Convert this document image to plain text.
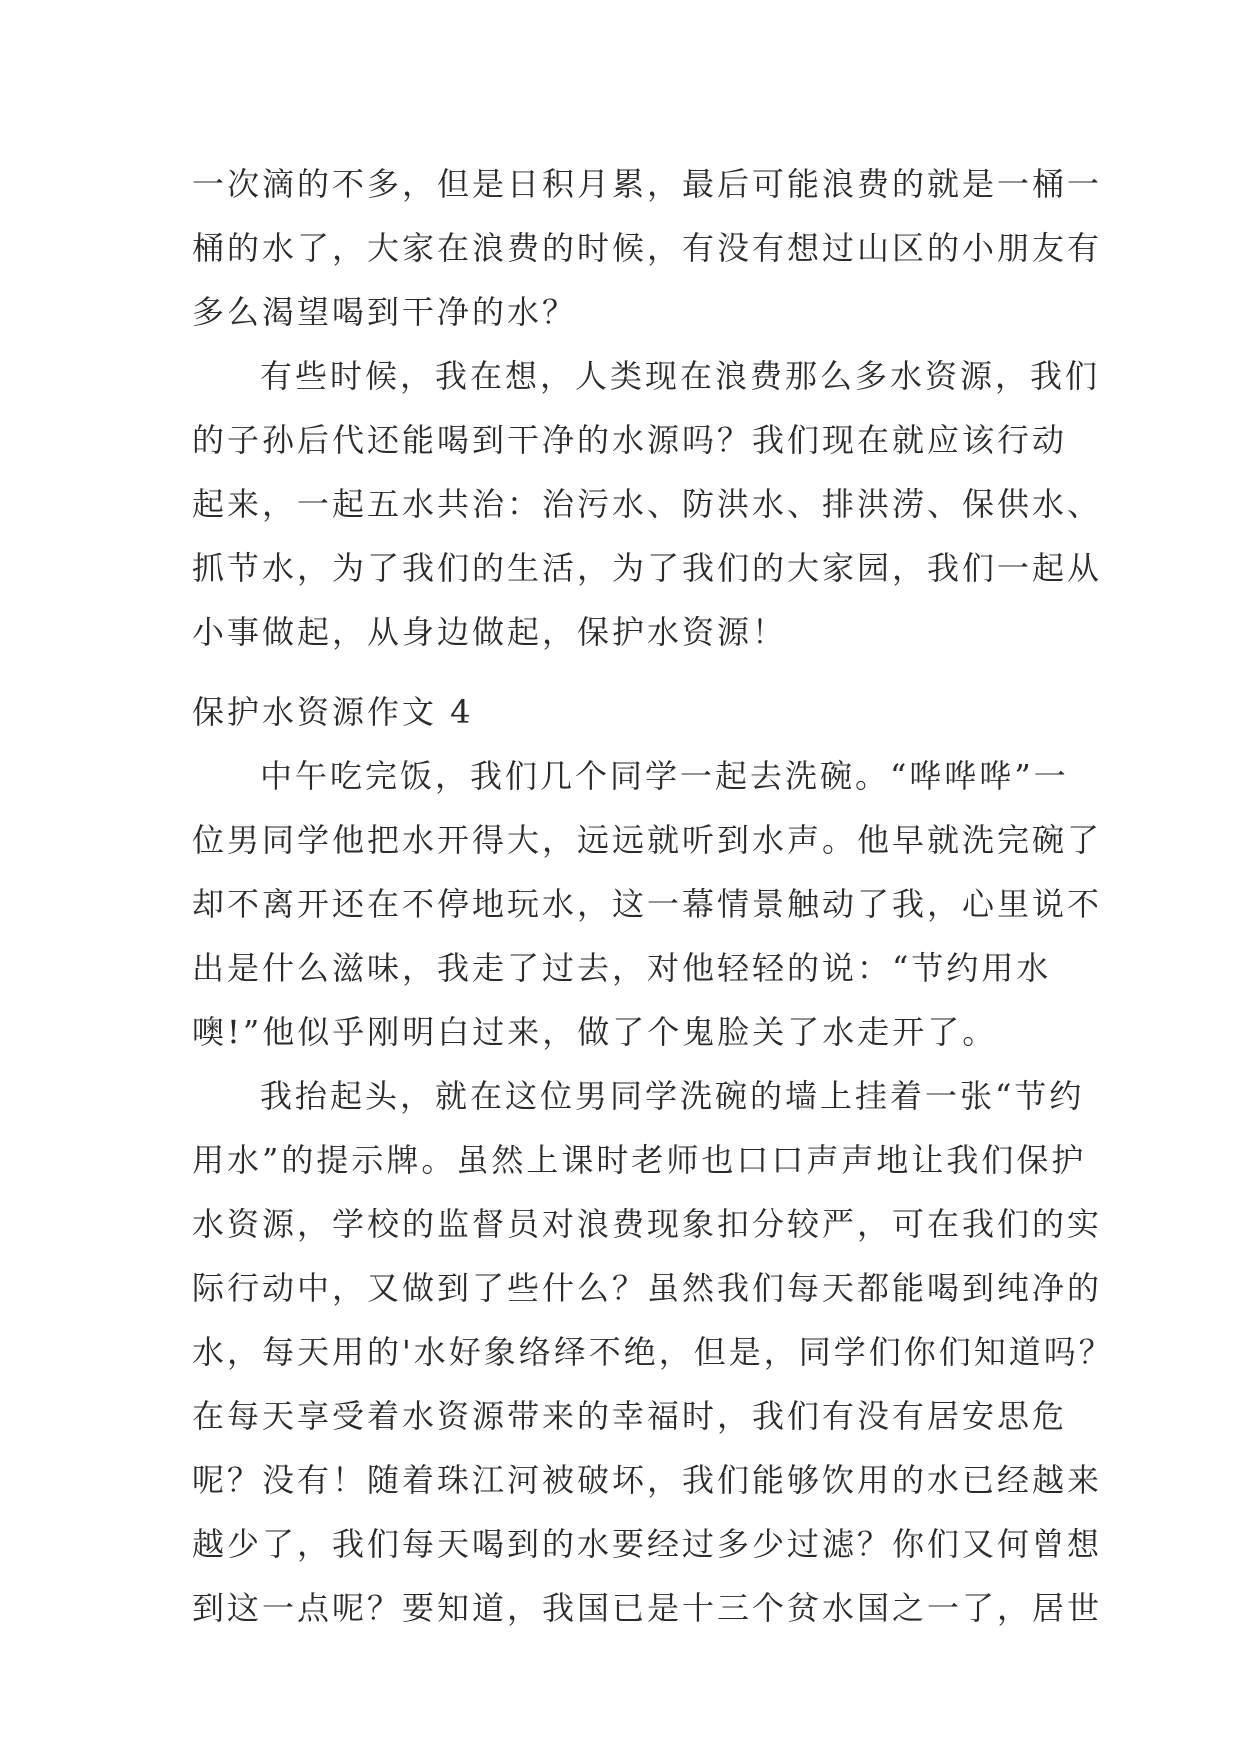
一次滴的不多，但是日积月累，最后可能浪费的就是一桶一
桶的水了，大家在浪费的时候，有没有想过山区的小朋友有
多么渴望喝到干净的水？
有些时候，我在想，人类现在浪费那么多水资源，我们
的子孙后代还能喝到干净的水源吗？我们现在就应该行动
起来，一起五水共治：治污水、防洪水、排洪涝、保供水、
抓节水，为了我们的生活，为了我们的大家园，我们一起从
小事做起，从身边做起，保护水资源！
保护水资源作文 4
中午吃完饭，我们几个同学一起去洗碗。“哗哗哗”一
位男同学他把水开得大，远远就听到水声。他早就洗完碗了
却不离开还在不停地玩水，这一幕情景触动了我，心里说不
出是什么滋味，我走了过去，对他轻轻的说：“节约用水
噢!”他似乎刚明白过来，做了个鬼脸关了水走开了。
我抬起头，就在这位男同学洗碗的墙上挂着一张“节约
用水”的提示牌。虽然上课时老师也口口声声地让我们保护
水资源，学校的监督员对浪费现象扣分较严，可在我们的实
际行动中，又做到了些什么？虽然我们每天都能喝到纯净的
水，每天用的'水好象络绎不绝，但是，同学们你们知道吗？
在每天享受着水资源带来的幸福时，我们有没有居安思危
呢？没有！随着珠江河被破坏，我们能够饮用的水已经越来
越少了，我们每天喝到的水要经过多少过滤？你们又何曾想
到这一点呢？要知道，我国已是十三个贫水国之一了，居世
